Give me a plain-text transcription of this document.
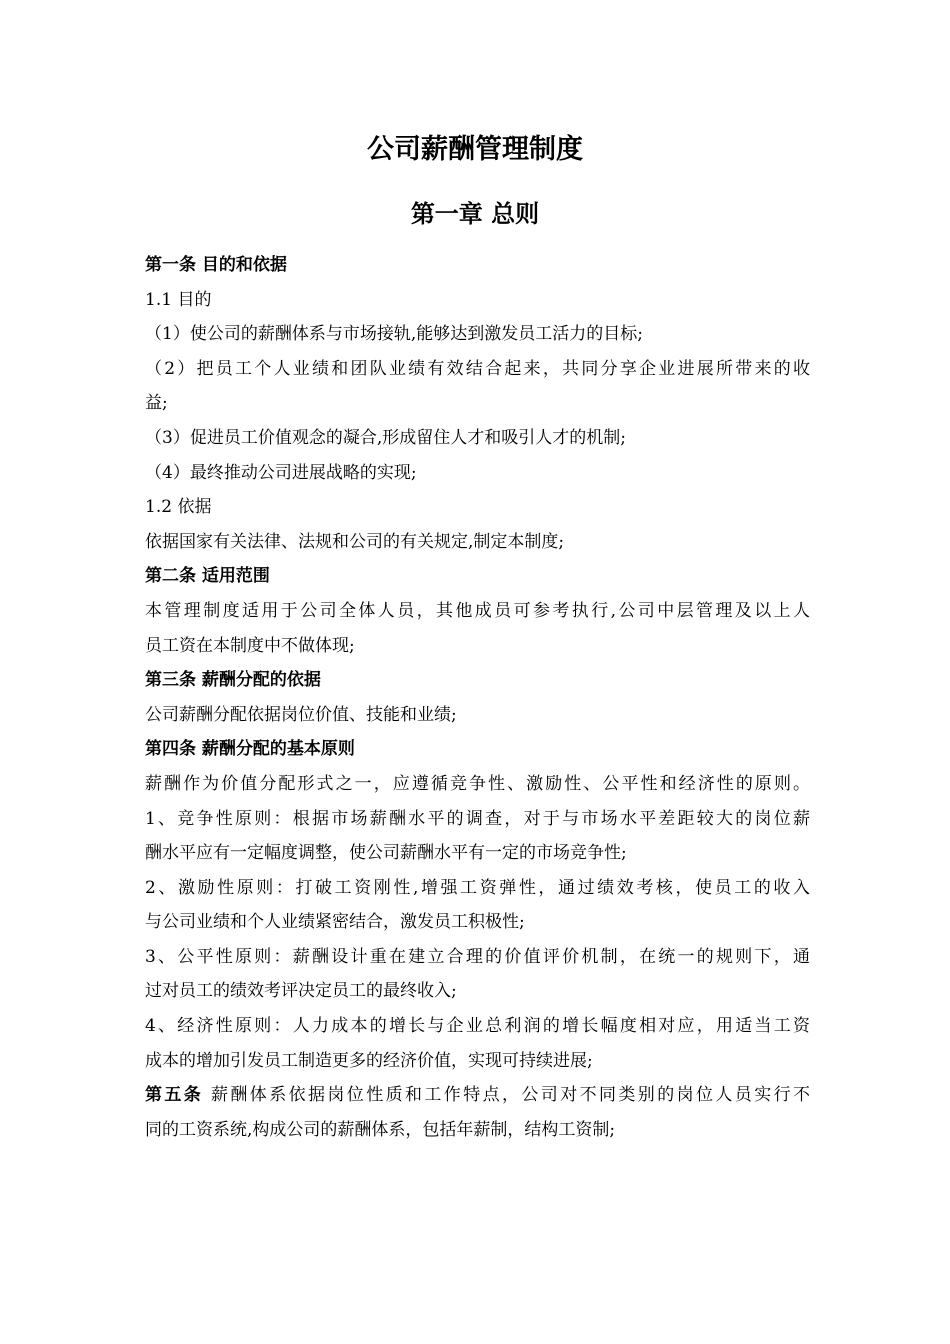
公司薪酬管理制度
第一章 总则
第一条 目的和依据
1.1 目的
（1）使公司的薪酬体系与市场接轨,能够达到激发员工活力的目标;
（2）把员工个人业绩和团队业绩有效结合起来，共同分享企业进展所带来的收
益;
（3）促进员工价值观念的凝合,形成留住人才和吸引人才的机制;
（4）最终推动公司进展战略的实现;
1.2 依据
依据国家有关法律、法规和公司的有关规定,制定本制度;
第二条 适用范围
本管理制度适用于公司全体人员，其他成员可参考执行,公司中层管理及以上人
员工资在本制度中不做体现;
第三条 薪酬分配的依据
公司薪酬分配依据岗位价值、技能和业绩;
第四条 薪酬分配的基本原则
薪酬作为价值分配形式之一，应遵循竞争性、激励性、公平性和经济性的原则。
1、竞争性原则：根据市场薪酬水平的调查，对于与市场水平差距较大的岗位薪
酬水平应有一定幅度调整，使公司薪酬水平有一定的市场竞争性;
2、激励性原则：打破工资刚性,增强工资弹性，通过绩效考核，使员工的收入
与公司业绩和个人业绩紧密结合，激发员工积极性;
3、公平性原则：薪酬设计重在建立合理的价值评价机制，在统一的规则下，通
过对员工的绩效考评决定员工的最终收入;
4、经济性原则：人力成本的增长与企业总利润的增长幅度相对应，用适当工资
成本的增加引发员工制造更多的经济价值，实现可持续进展;
第五条 薪酬体系依据岗位性质和工作特点，公司对不同类别的岗位人员实行不
同的工资系统,构成公司的薪酬体系，包括年薪制，结构工资制;
